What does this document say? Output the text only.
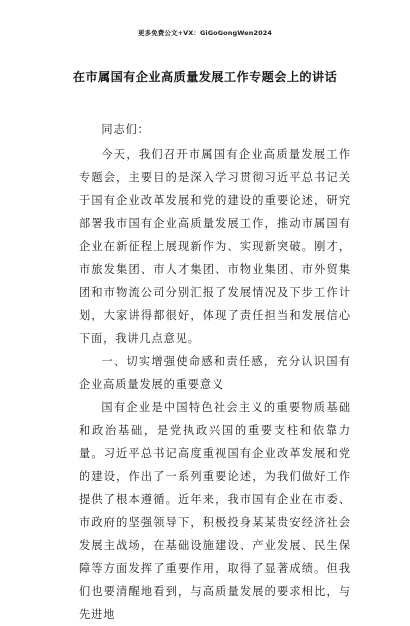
更多免费公文+VX：GiGoGongWen2024
在市属国有企业高质量发展工作专题会上的讲话

同志们：

今天，我们召开市属国有企业高质量发展工作专题会，主要目的是深入学习贯彻习近平总书记关于国有企业改革发展和党的建设的重要论述，研究部署我市国有企业高质量发展工作，推动市属国有企业在新征程上展现新作为、实现新突破。刚才，市旅发集团、市人才集团、市物业集团、市外贸集团和市物流公司分别汇报了发展情况及下步工作计划，大家讲得都很好，体现了责任担当和发展信心下面，我讲几点意见。

一、切实增强使命感和责任感，充分认识国有企业高质量发展的重要意义

国有企业是中国特色社会主义的重要物质基础和政治基础，是党执政兴国的重要支柱和依靠力量。习近平总书记高度重视国有企业改革发展和党的建设，作出了一系列重要论述，为我们做好工作提供了根本遵循。近年来，我市国有企业在市委、市政府的坚强领导下，积极投身某某贵安经济社会发展主战场，在基础设施建设、产业发展、民生保障等方面发挥了重要作用，取得了显著成绩。但我们也要清醒地看到，与高质量发展的要求相比，与先进地
